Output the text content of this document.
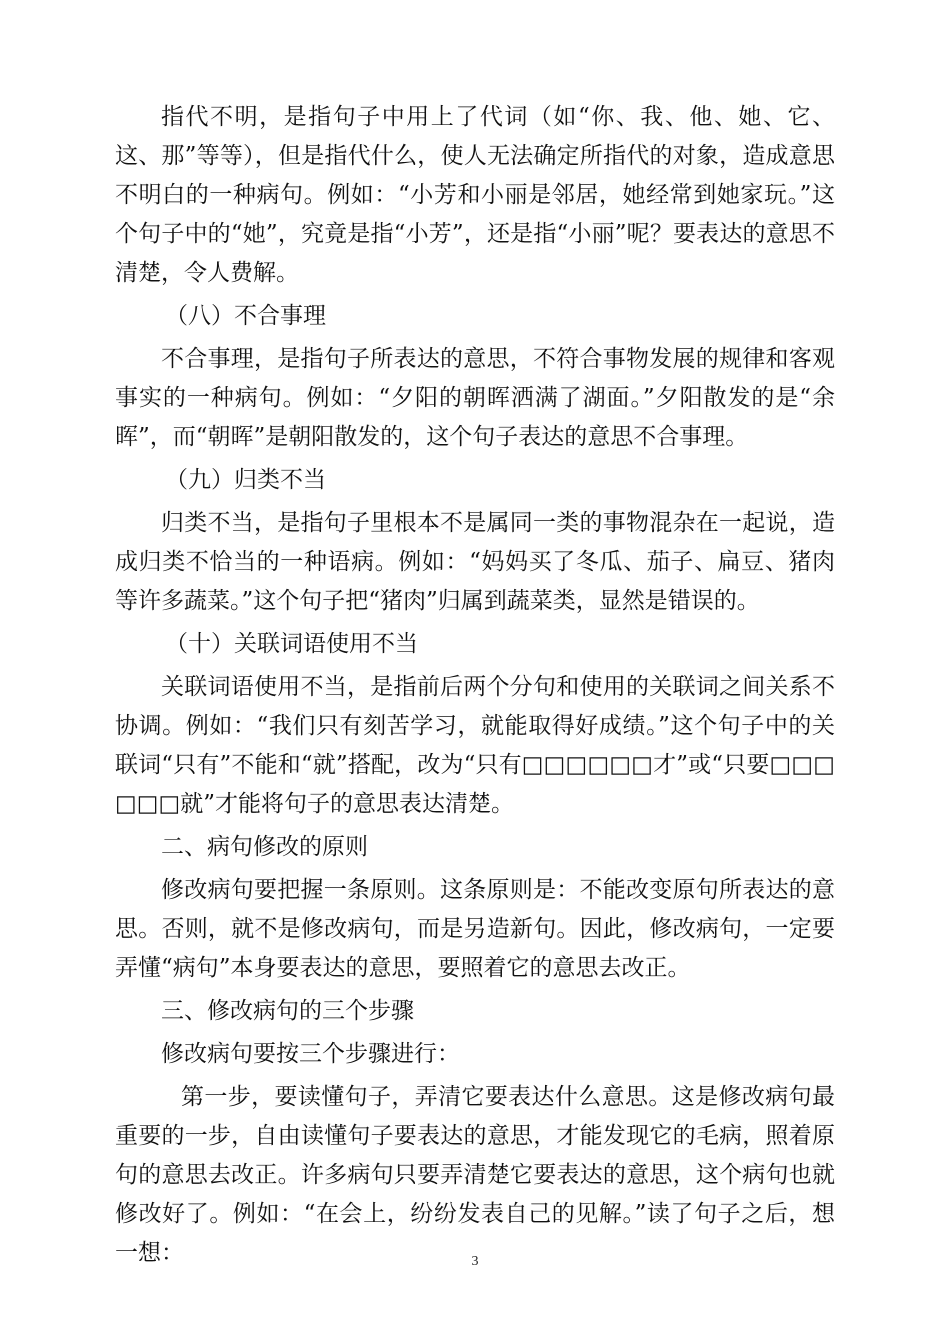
指代不明，是指句子中用上了代词（如“你、我、他、她、它、这、那”等等），但是指代什么，使人无法确定所指代的对象，造成意思不明白的一种病句。例如：“小芳和小丽是邻居，她经常到她家玩。”这个句子中的“她”，究竟是指“小芳”，还是指“小丽”呢？要表达的意思不清楚，令人费解。

（八）不合事理

不合事理，是指句子所表达的意思，不符合事物发展的规律和客观事实的一种病句。例如：“夕阳的朝晖洒满了湖面。”夕阳散发的是“余晖”，而“朝晖”是朝阳散发的，这个句子表达的意思不合事理。

（九）归类不当

归类不当，是指句子里根本不是属同一类的事物混杂在一起说，造成归类不恰当的一种语病。例如：“妈妈买了冬瓜、茄子、扁豆、猪肉等许多蔬菜。”这个句子把“猪肉”归属到蔬菜类，显然是错误的。

（十）关联词语使用不当

关联词语使用不当，是指前后两个分句和使用的关联词之间关系不协调。例如：“我们只有刻苦学习，就能取得好成绩。”这个句子中的关联词“只有”不能和“就”搭配，改为“只有□□□□□□才”或“只要□□□□□□就”才能将句子的意思表达清楚。

二、病句修改的原则

修改病句要把握一条原则。这条原则是：不能改变原句所表达的意思。否则，就不是修改病句，而是另造新句。因此，修改病句，一定要弄懂“病句”本身要表达的意思，要照着它的意思去改正。

三、修改病句的三个步骤

修改病句要按三个步骤进行：

第一步，要读懂句子，弄清它要表达什么意思。这是修改病句最重要的一步，自由读懂句子要表达的意思，才能发现它的毛病，照着原句的意思去改正。许多病句只要弄清楚它要表达的意思，这个病句也就修改好了。例如：“在会上，纷纷发表自己的见解。”读了句子之后，想一想：	3
